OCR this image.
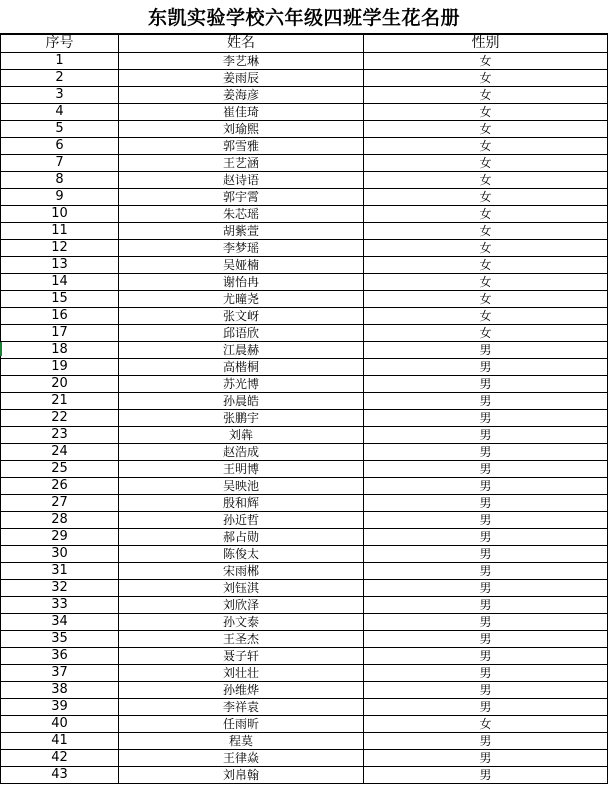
东凯实验学校六年级四班学生花名册
序号	姓名	性别
1	李艺琳	女
2	姜雨辰	女
3	姜海彦	女
4	崔佳琦	女
5	刘瑜熙	女
6	郭雪雅	女
7	王艺涵	女
8	赵诗语	女
9	郭宇霄	女
10	朱芯瑶	女
11	胡紫萱	女
12	李梦瑶	女
13	吴娅楠	女
14	谢怡冉	女
15	尤曈尧	女
16	张文岈	女
17	邱语欣	女
18	江晨赫	男
19	高楷桐	男
20	苏光博	男
21	孙晨皓	男
22	张鹏宇	男
23	刘犇	男
24	赵浩成	男
25	王明博	男
26	吴映池	男
27	殷和辉	男
28	孙近哲	男
29	郝占勋	男
30	陈俊太	男
31	宋雨郴	男
32	刘钰淇	男
33	刘欣泽	男
34	孙文泰	男
35	王圣杰	男
36	聂子轩	男
37	刘壮壮	男
38	孙维烨	男
39	李祥袁	男
40	任雨昕	女
41	程莫	男
42	王律焱	男
43	刘帛翰	男
